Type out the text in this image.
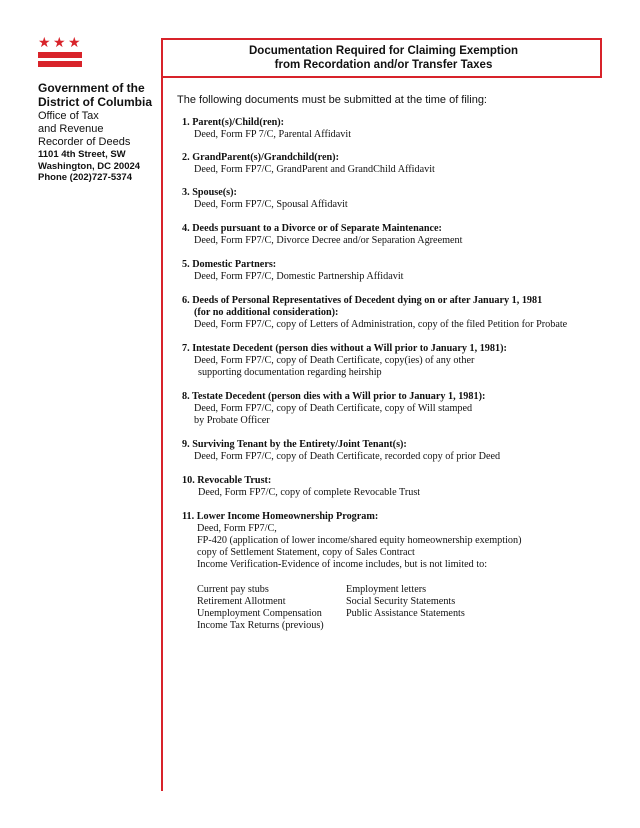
★ ★ ★
Government of the
District of Columbia
Office of Tax
and Revenue
Recorder of Deeds
1101 4th Street, SW
Washington, DC 20024
Phone (202)727-5374
Documentation Required for Claiming Exemption
from Recordation and/or Transfer Taxes
The following documents must be submitted at the time of filing:
1. Parent(s)/Child(ren):
Deed, Form FP 7/C, Parental Affidavit
2. GrandParent(s)/Grandchild(ren):
Deed, Form FP7/C, GrandParent and GrandChild Affidavit
3. Spouse(s):
Deed, Form FP7/C, Spousal Affidavit
4. Deeds pursuant to a Divorce or of Separate Maintenance:
Deed, Form FP7/C, Divorce Decree and/or Separation Agreement
5. Domestic Partners:
Deed, Form FP7/C, Domestic Partnership Affidavit
6. Deeds of Personal Representatives of Decedent dying on or after January 1, 1981
(for no additional consideration):
Deed, Form FP7/C, copy of Letters of Administration, copy of the filed Petition for Probate
7. Intestate Decedent (person dies without a Will prior to January 1, 1981):
Deed, Form FP7/C, copy of Death Certificate, copy(ies) of any other
supporting documentation regarding heirship
8. Testate Decedent (person dies with a Will prior to January 1, 1981):
Deed, Form FP7/C, copy of Death Certificate, copy of Will stamped
by Probate Officer
9. Surviving Tenant by the Entirety/Joint Tenant(s):
Deed, Form FP7/C, copy of Death Certificate, recorded copy of prior Deed
10. Revocable Trust:
Deed, Form FP7/C, copy of complete Revocable Trust
11. Lower Income Homeownership Program:
Deed, Form FP7/C,
FP-420 (application of lower income/shared equity homeownership exemption)
copy of Settlement Statement, copy of Sales Contract
Income Verification-Evidence of income includes, but is not limited to:
Current pay stubs	Employment letters
Retirement Allotment	Social Security Statements
Unemployment Compensation	Public Assistance Statements
Income Tax Returns (previous)
